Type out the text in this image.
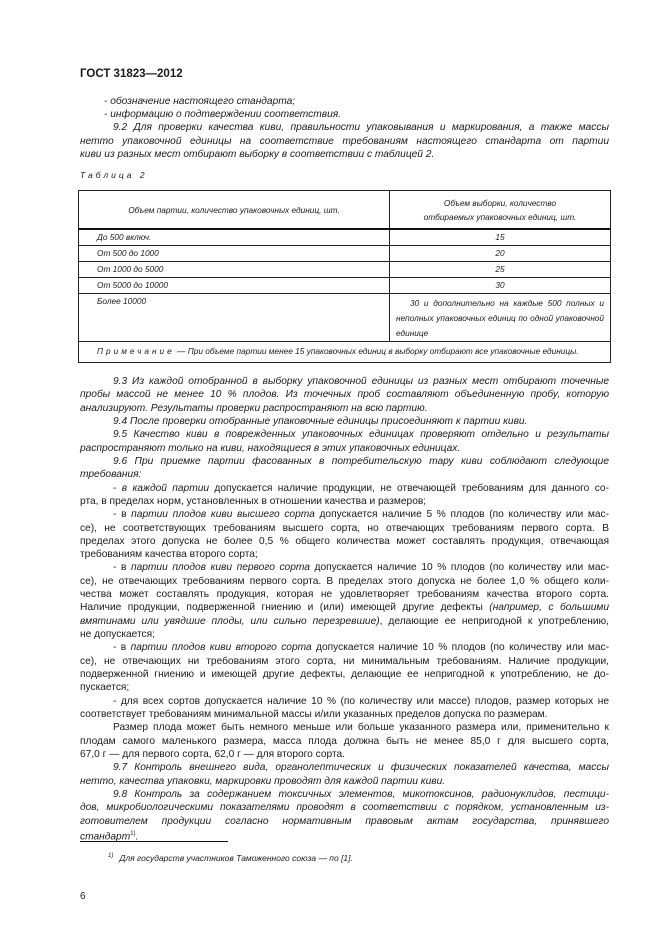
ГОСТ 31823—2012
- обозначение настоящего стандарта;
- информацию о подтверждении соответствия.
9.2 Для проверки качества киви, правильности упаковывания и маркирования, а также массы
нетто упаковочной единицы на соответствие требованиям настоящего стандарта от партии
киви из разных мест отбирают выборку в соответствии с таблицей 2.
Таблица 2
Объем партии, количество упаковочных единиц, шт.	Объем выборки, количество отбираемых упаковочных единиц, шт.
До 500 включ.	15
От 500 до 1000	20
От 1000 до 5000	25
От 5000 до 10000	30
Более 10000	30 и дополнительно на каждые 500 полных и неполных упаковочных единиц по одной упаковочной единице

Примечание — При объеме партии менее 15 упаковочных единиц в выборку отбирают все упаковочные единицы.	
9.3 Из каждой отобранной в выборку упаковочной единицы из разных мест отбирают точечные
пробы массой не менее 10 % плодов. Из точечных проб составляют объединенную пробу, которую
анализируют. Результаты проверки распространяют на всю партию.
9.4 После проверки отобранные упаковочные единицы присоединяют к партии киви.
9.5 Качество киви в поврежденных упаковочных единицах проверяют отдельно и результаты
распространяют только на киви, находящиеся в этих упаковочных единицах.
9.6 При приемке партии фасованных в потребительскую тару киви соблюдают следующие
требования:
- в каждой партии допускается наличие продукции, не отвечающей требованиям для данного со-
рта, в пределах норм, установленных в отношении качества и размеров;
- в партии плодов киви высшего сорта допускается наличие 5 % плодов (по количеству или мас-
се), не соответствующих требованиям высшего сорта, но отвечающих требованиям первого сорта. В
пределах этого допуска не более 0,5 % общего количества может составлять продукция, отвечающая
требованиям качества второго сорта;
- в партии плодов киви первого сорта допускается наличие 10 % плодов (по количеству или мас-
се), не отвечающих требованиям первого сорта. В пределах этого допуска не более 1,0 % общего коли-
чества может составлять продукция, которая не удовлетворяет требованиям качества второго сорта.
Наличие продукции, подверженной гниению и (или) имеющей другие дефекты (например, с большими
вмятинами или увядшие плоды, или сильно перезревшие), делающие ее непригодной к употреблению,
не допускается;
- в партии плодов киви второго сорта допускается наличие 10 % плодов (по количеству или мас-
се), не отвечающих ни требованиям этого сорта, ни минимальным требованиям. Наличие продукции,
подверженной гниению и имеющей другие дефекты, делающие ее непригодной к употреблению, не до-
пускается;
- для всех сортов допускается наличие 10 % (по количеству или массе) плодов, размер которых не
соответствует требованиям минимальной массы и/или указанных пределов допуска по размерам.
Размер плода может быть немного меньше или больше указанного размера или, применительно к
плодам самого маленького размера, масса плода должна быть не менее 85,0 г для высшего сорта,
67,0 г — для первого сорта, 62,0 г — для второго сорта.
9.7 Контроль внешнего вида, органолептических и физических показателей качества, массы
нетто, качества упаковки, маркировки проводят для каждой партии киви.
9.8 Контроль за содержанием токсичных элементов, микотоксинов, радионуклидов, пестици-
дов, микробиологическими показателями проводят в соответствии с порядком, установленным из-
готовителем продукции согласно нормативным правовым актам государства, принявшего
стандарт$^{1)}$.
$^{1)}$ Для государств участников Таможенного союза — по [1].
6
